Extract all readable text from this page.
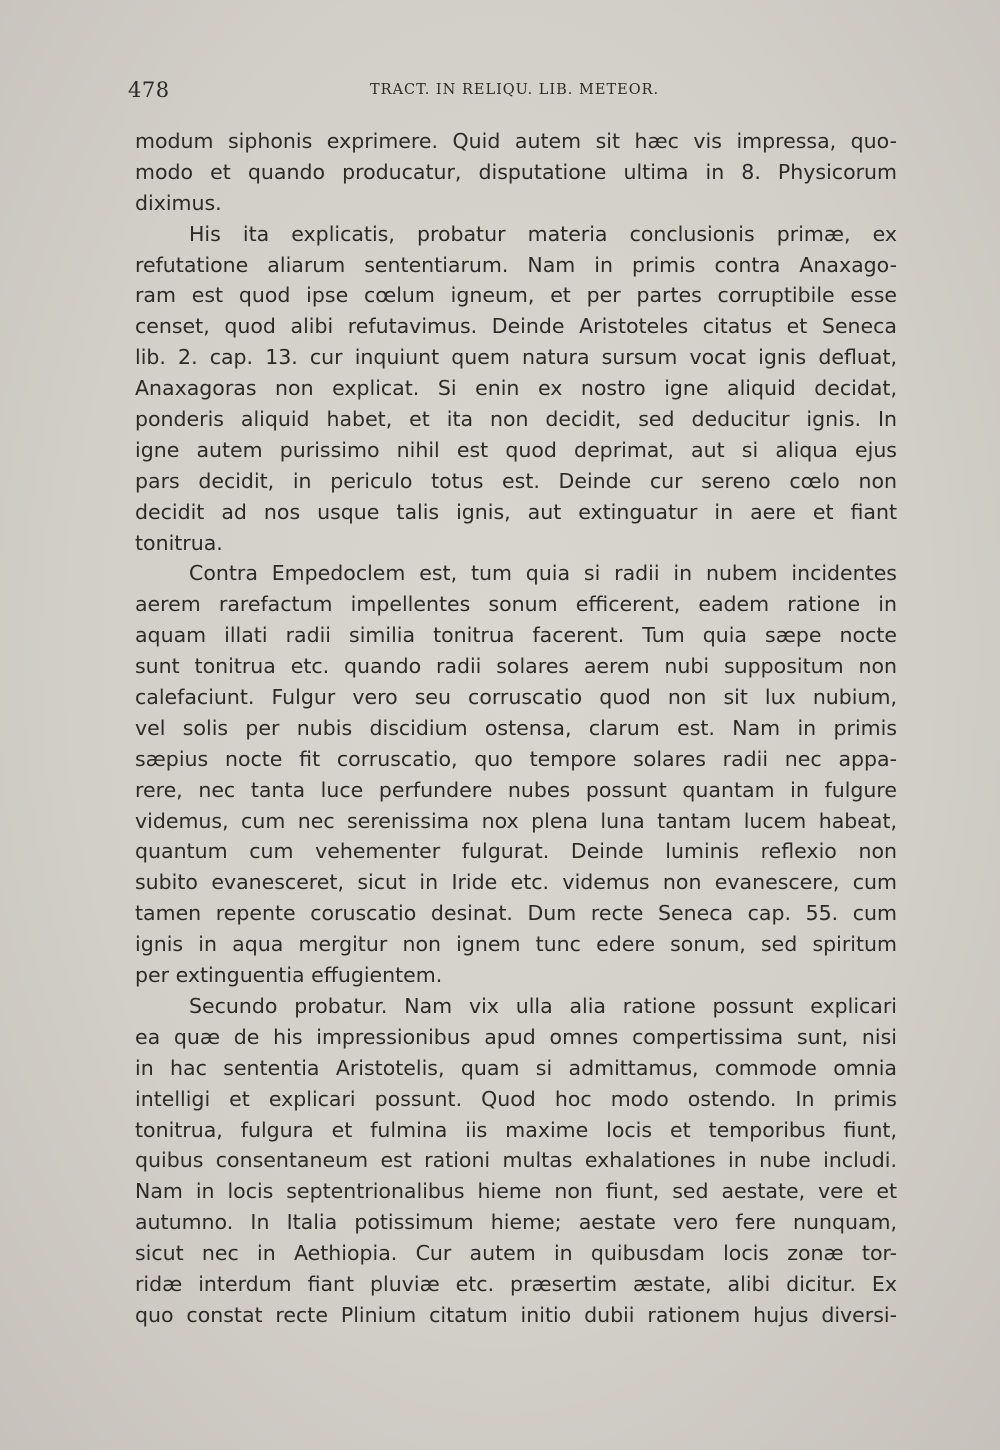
478	TRACT. IN RELIQU. LIB. METEOR.
modum siphonis exprimere. Quid autem sit hæc vis impressa, quo-
modo et quando producatur, disputatione ultima in 8. Physicorum
diximus.
His ita explicatis, probatur materia conclusionis primæ, ex
refutatione aliarum sententiarum. Nam in primis contra Anaxago-
ram est quod ipse cœlum igneum, et per partes corruptibile esse
censet, quod alibi refutavimus. Deinde Aristoteles citatus et Seneca
lib. 2. cap. 13. cur inquiunt quem natura sursum vocat ignis defluat,
Anaxagoras non explicat. Si enin ex nostro igne aliquid decidat,
ponderis aliquid habet, et ita non decidit, sed deducitur ignis. In
igne autem purissimo nihil est quod deprimat, aut si aliqua ejus
pars decidit, in periculo totus est. Deinde cur sereno cœlo non
decidit ad nos usque talis ignis, aut extinguatur in aere et fiant
tonitrua.
Contra Empedoclem est, tum quia si radii in nubem incidentes
aerem rarefactum impellentes sonum efficerent, eadem ratione in
aquam illati radii similia tonitrua facerent. Tum quia sæpe nocte
sunt tonitrua etc. quando radii solares aerem nubi suppositum non
calefaciunt. Fulgur vero seu corruscatio quod non sit lux nubium,
vel solis per nubis discidium ostensa, clarum est. Nam in primis
sæpius nocte fit corruscatio, quo tempore solares radii nec appa-
rere, nec tanta luce perfundere nubes possunt quantam in fulgure
videmus, cum nec serenissima nox plena luna tantam lucem habeat,
quantum cum vehementer fulgurat. Deinde luminis reflexio non
subito evanesceret, sicut in Iride etc. videmus non evanescere, cum
tamen repente coruscatio desinat. Dum recte Seneca cap. 55. cum
ignis in aqua mergitur non ignem tunc edere sonum, sed spiritum
per extinguentia effugientem.
Secundo probatur. Nam vix ulla alia ratione possunt explicari
ea quæ de his impressionibus apud omnes compertissima sunt, nisi
in hac sententia Aristotelis, quam si admittamus, commode omnia
intelligi et explicari possunt. Quod hoc modo ostendo. In primis
tonitrua, fulgura et fulmina iis maxime locis et temporibus fiunt,
quibus consentaneum est rationi multas exhalationes in nube includi.
Nam in locis septentrionalibus hieme non fiunt, sed aestate, vere et
autumno. In Italia potissimum hieme; aestate vero fere nunquam,
sicut nec in Aethiopia. Cur autem in quibusdam locis zonæ tor-
ridæ interdum fiant pluviæ etc. præsertim æstate, alibi dicitur. Ex
quo constat recte Plinium citatum initio dubii rationem hujus diversi-
